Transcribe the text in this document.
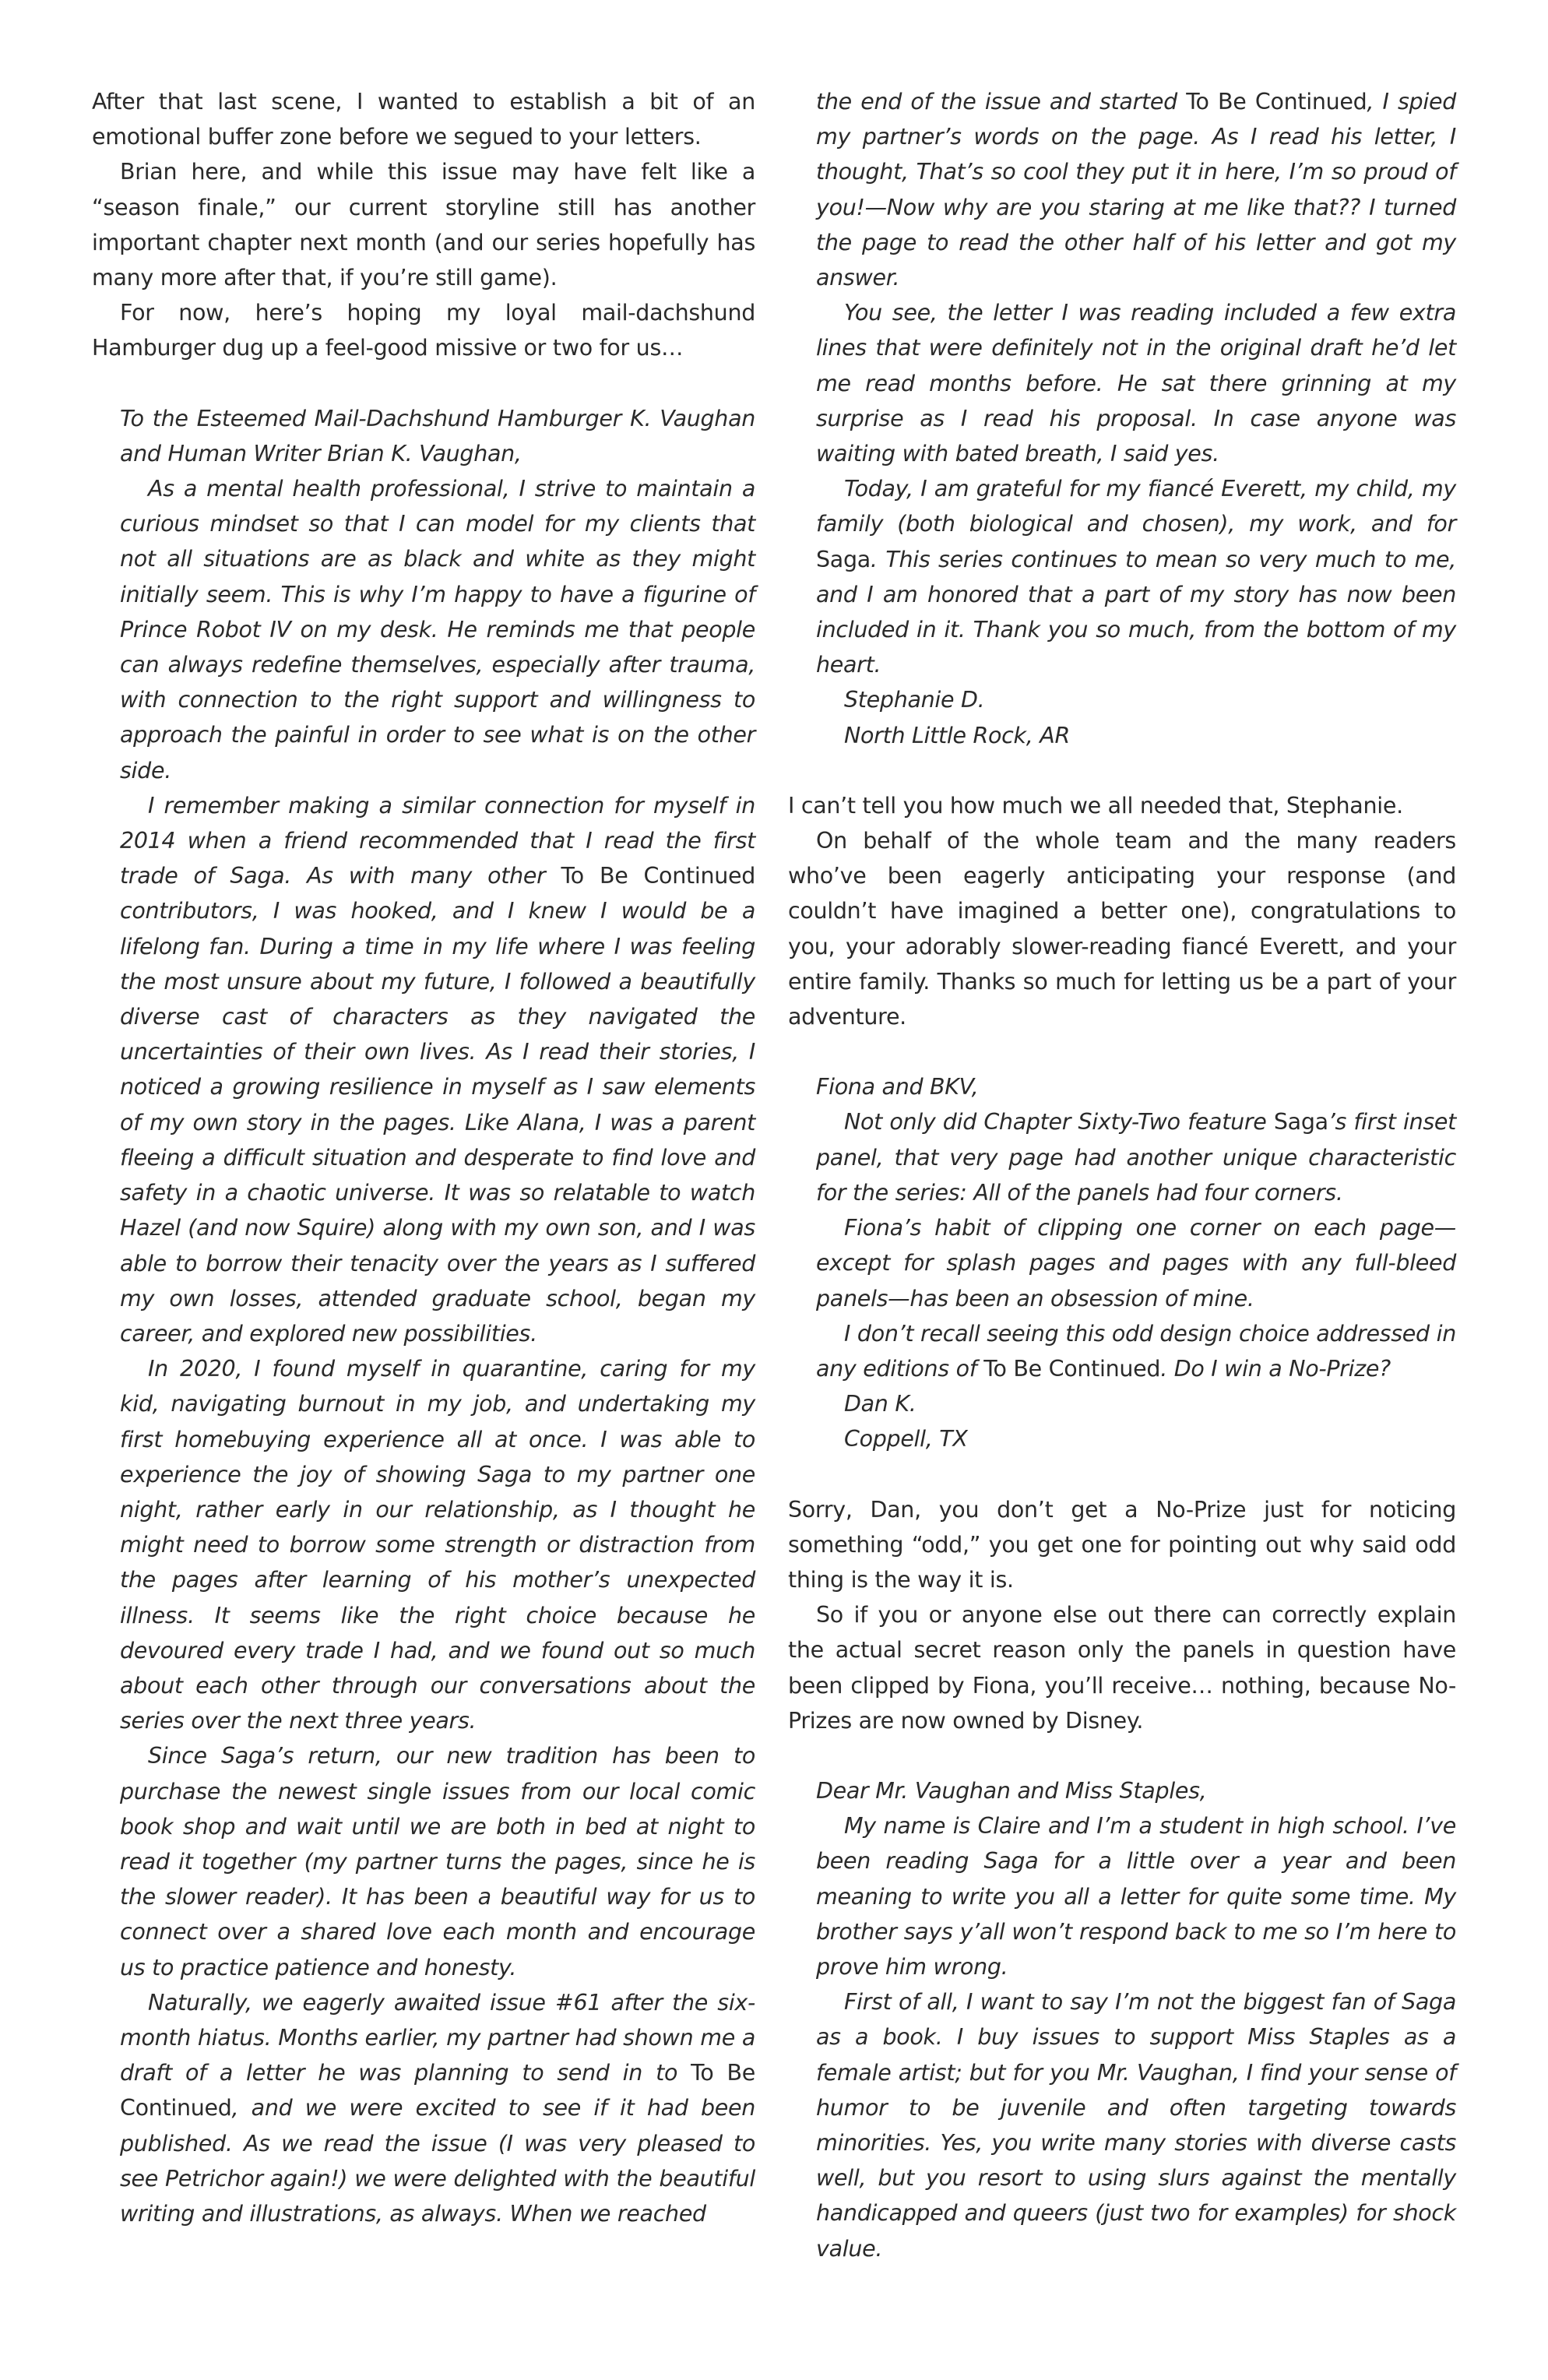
After that last scene, I wanted to establish a bit of an emotional buffer zone before we segued to your letters.

Brian here, and while this issue may have felt like a “season finale,” our current storyline still has another important chapter next month (and our series hopefully has many more after that, if you’re still game).

For now, here’s hoping my loyal mail-dachshund Hamburger dug up a feel-good missive or two for us…

To the Esteemed Mail-Dachshund Hamburger K. Vaughan and Human Writer Brian K. Vaughan,

As a mental health professional, I strive to maintain a curious mindset so that I can model for my clients that not all situations are as black and white as they might initially seem. This is why I’m happy to have a figurine of Prince Robot IV on my desk. He reminds me that people can always redefine themselves, especially after trauma, with connection to the right support and willingness to approach the painful in order to see what is on the other side.

I remember making a similar connection for myself in 2014 when a friend recommended that I read the first trade of Saga. As with many other To Be Continued contributors, I was hooked, and I knew I would be a lifelong fan. During a time in my life where I was feeling the most unsure about my future, I followed a beautifully diverse cast of characters as they navigated the uncertainties of their own lives. As I read their stories, I noticed a growing resilience in myself as I saw elements of my own story in the pages. Like Alana, I was a parent fleeing a difficult situation and desperate to find love and safety in a chaotic universe. It was so relatable to watch Hazel (and now Squire) along with my own son, and I was able to borrow their tenacity over the years as I suffered my own losses, attended graduate school, began my career, and explored new possibilities.

In 2020, I found myself in quarantine, caring for my kid, navigating burnout in my job, and undertaking my first homebuying experience all at once. I was able to experience the joy of showing Saga to my partner one night, rather early in our relationship, as I thought he might need to borrow some strength or distraction from the pages after learning of his mother’s unexpected illness. It seems like the right choice because he devoured every trade I had, and we found out so much about each other through our conversations about the series over the next three years.

Since Saga’s return, our new tradition has been to purchase the newest single issues from our local comic book shop and wait until we are both in bed at night to read it together (my partner turns the pages, since he is the slower reader). It has been a beautiful way for us to connect over a shared love each month and encourage us to practice patience and honesty.

Naturally, we eagerly awaited issue #61 after the six-month hiatus. Months earlier, my partner had shown me a draft of a letter he was planning to send in to To Be Continued, and we were excited to see if it had been published. As we read the issue (I was very pleased to see Petrichor again!) we were delighted with the beautiful writing and illustrations, as always. When we reached

the end of the issue and started To Be Continued, I spied my partner’s words on the page. As I read his letter, I thought, That’s so cool they put it in here, I’m so proud of you!—Now why are you staring at me like that?? I turned the page to read the other half of his letter and got my answer.

You see, the letter I was reading included a few extra lines that were definitely not in the original draft he’d let me read months before. He sat there grinning at my surprise as I read his proposal. In case anyone was waiting with bated breath, I said yes.

Today, I am grateful for my fiancé Everett, my child, my family (both biological and chosen), my work, and for Saga. This series continues to mean so very much to me, and I am honored that a part of my story has now been included in it. Thank you so much, from the bottom of my heart.

Stephanie D.

North Little Rock, AR

I can’t tell you how much we all needed that, Stephanie.

On behalf of the whole team and the many readers who’ve been eagerly anticipating your response (and couldn’t have imagined a better one), congratulations to you, your adorably slower-reading fiancé Everett, and your entire family. Thanks so much for letting us be a part of your adventure.

Fiona and BKV,

Not only did Chapter Sixty-Two feature Saga’s first inset panel, that very page had another unique characteristic for the series: All of the panels had four corners.

Fiona’s habit of clipping one corner on each page—except for splash pages and pages with any full-bleed panels—has been an obsession of mine.

I don’t recall seeing this odd design choice addressed in any editions of To Be Continued. Do I win a No-Prize?

Dan K.

Coppell, TX

Sorry, Dan, you don’t get a No-Prize just for noticing something “odd,” you get one for pointing out why said odd thing is the way it is.

So if you or anyone else out there can correctly explain the actual secret reason only the panels in question have been clipped by Fiona, you’ll receive… nothing, because No-Prizes are now owned by Disney.

Dear Mr. Vaughan and Miss Staples,

My name is Claire and I’m a student in high school. I’ve been reading Saga for a little over a year and been meaning to write you all a letter for quite some time. My brother says y’all won’t respond back to me so I’m here to prove him wrong.

First of all, I want to say I’m not the biggest fan of Saga as a book. I buy issues to support Miss Staples as a female artist; but for you Mr. Vaughan, I find your sense of humor to be juvenile and often targeting towards minorities. Yes, you write many stories with diverse casts well, but you resort to using slurs against the mentally handicapped and queers (just two for examples) for shock value.
